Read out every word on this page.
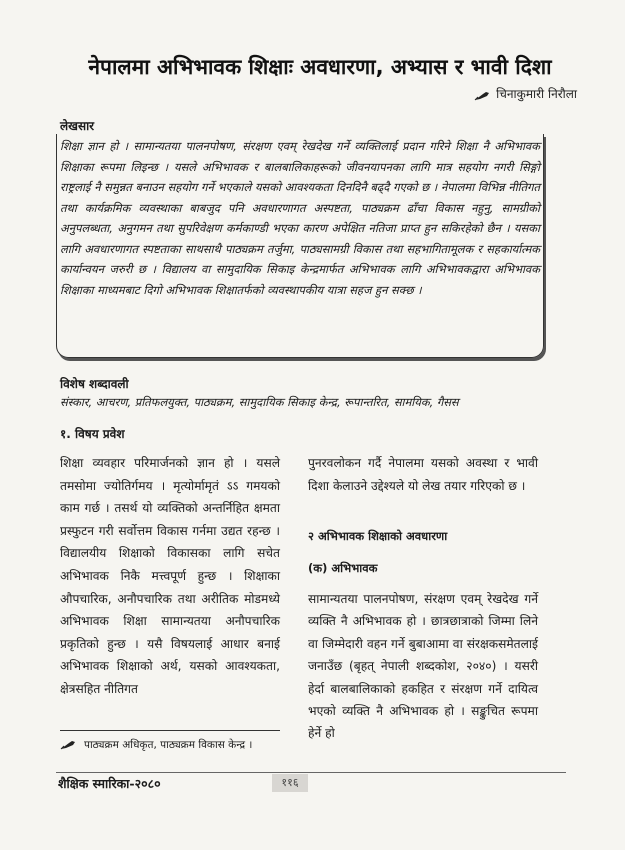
नेपालमा अभिभावक शिक्षाः अवधारणा, अभ्यास र भावी दिशा
चिनाकुमारी निरौला
लेखसार
शिक्षा ज्ञान हो । सामान्यतया पालनपोषण, संरक्षण एवम् रेखदेख गर्ने व्यक्तिलाई प्रदान गरिने शिक्षा नै अभिभावक शिक्षाका रूपमा लिइन्छ । यसले अभिभावक र बालबालिकाहरूको जीवनयापनका लागि मात्र सहयोग नगरी सिङ्गो राष्ट्रलाई नै समुन्नत बनाउन सहयोग गर्ने भएकाले यसको आवश्यकता दिनदिनै बढ्दै गएको छ । नेपालमा विभिन्न नीतिगत तथा कार्यक्रमिक व्यवस्थाका बाबजुद पनि अवधारणागत अस्पष्टता, पाठ्यक्रम ढाँचा विकास नहुनु, सामग्रीको अनुपलब्धता, अनुगमन तथा सुपरिवेक्षण कर्मकाण्डी भएका कारण अपेक्षित नतिजा प्राप्त हुन सकिरहेको छैन । यसका लागि अवधारणागत स्पष्टताका साथसाथै पाठ्यक्रम तर्जुमा, पाठ्यसामग्री विकास तथा सहभागितामूलक र सहकार्यात्मक कार्यान्वयन जरुरी छ । विद्यालय वा सामुदायिक सिकाइ केन्द्रमार्फत अभिभावक लागि अभिभावकद्वारा अभिभावक शिक्षाका माध्यमबाट दिगो अभिभावक शिक्षातर्फको व्यवस्थापकीय यात्रा सहज हुन सक्छ ।
विशेष शब्दावली
संस्कार, आचरण, प्रतिफलयुक्त, पाठ्यक्रम, सामुदायिक सिकाइ केन्द्र, रूपान्तरित, सामयिक, गैसस
१. विषय प्रवेश
शिक्षा व्यवहार परिमार्जनको ज्ञान हो । यसले तमसोमा ज्योतिर्गमय । मृत्योर्मामृतं ऽऽ गमयको काम गर्छ । तसर्थ यो व्यक्तिको अन्तर्निहित क्षमता प्रस्फुटन गरी सर्वोत्तम विकास गर्नमा उद्यत रहन्छ । विद्यालयीय शिक्षाको विकासका लागि सचेत अभिभावक निकै मत्त्वपूर्ण हुन्छ । शिक्षाका औपचारिक, अनौपचारिक तथा अरीतिक मोडमध्ये अभिभावक शिक्षा सामान्यतया अनौपचारिक प्रकृतिको हुन्छ । यसै विषयलाई आधार बनाई अभिभावक शिक्षाको अर्थ, यसको आवश्यकता, क्षेत्रसहित नीतिगत

पुनरवलोकन गर्दै नेपालमा यसको अवस्था र भावी दिशा केलाउने उद्देश्यले यो लेख तयार गरिएको छ ।

२ अभिभावक शिक्षाको अवधारणा
(क) अभिभावक
सामान्यतया पालनपोषण, संरक्षण एवम् रेखदेख गर्ने व्यक्ति नै अभिभावक हो । छात्रछात्राको जिम्मा लिने वा जिम्मेदारी वहन गर्ने बुबाआमा वा संरक्षकसमेतलाई जनाउँछ (बृहत् नेपाली शब्दकोश, २०४०) । यसरी हेर्दा बालबालिकाको हकहित र संरक्षण गर्ने दायित्व भएको व्यक्ति नै अभिभावक हो । सङ्कुचित रूपमा हेर्ने हो
पाठ्यक्रम अधिकृत, पाठ्यक्रम विकास केन्द्र ।
शैक्षिक स्मारिका-२०८०	११६
